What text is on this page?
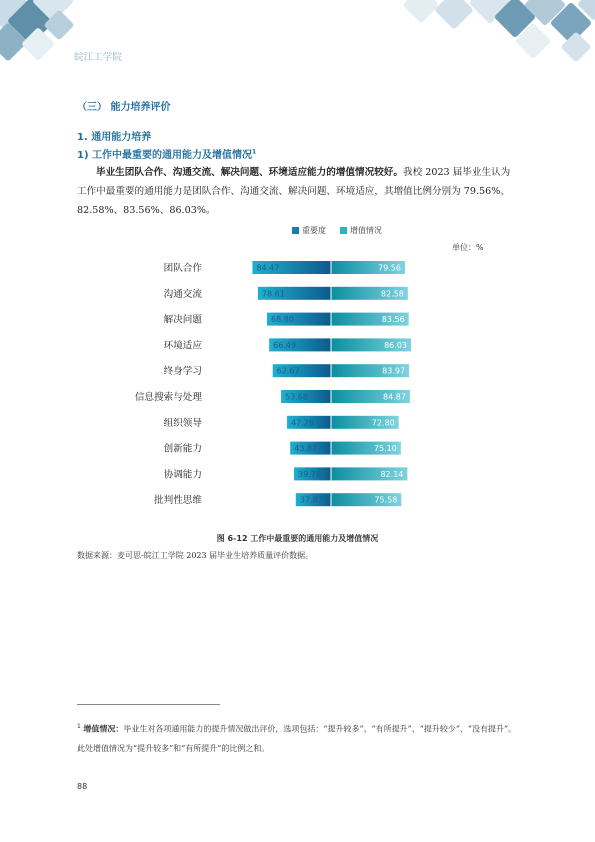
皖江工学院
（三） 能力培养评价
1. 通用能力培养
1) 工作中最重要的通用能力及增值情况$^1$
毕业生团队合作、沟通交流、解决问题、环境适应能力的增值情况较好。我校 2023 届毕业生认为工作中最重要的通用能力是团队合作、沟通交流、解决问题、环境适应，其增值比例分别为 79.56%、82.58%、83.56%、86.03%。
重要度	增值情况
单位：%
团队合作	84.47	79.56
沟通交流	78.61	82.58
解决问题	68.80	83.56
环境适应	66.49	86.03
终身学习	62.67	83.97
信息搜索与处理	53.68	84.87
组织领导	47.28	72.80
创新能力	43.87	75.10
协调能力	39.78	82.14
批判性思维	37.87	75.58
图 6-12 工作中最重要的通用能力及增值情况
数据来源：麦可思-皖江工学院 2023 届毕业生培养质量评价数据。
$^1$ 增值情况：毕业生对各项通用能力的提升情况做出评价，选项包括：“提升较多”、“有所提升”、“提升较少”、“没有提升”。此处增值情况为“提升较多”和“有所提升”的比例之和。
88
